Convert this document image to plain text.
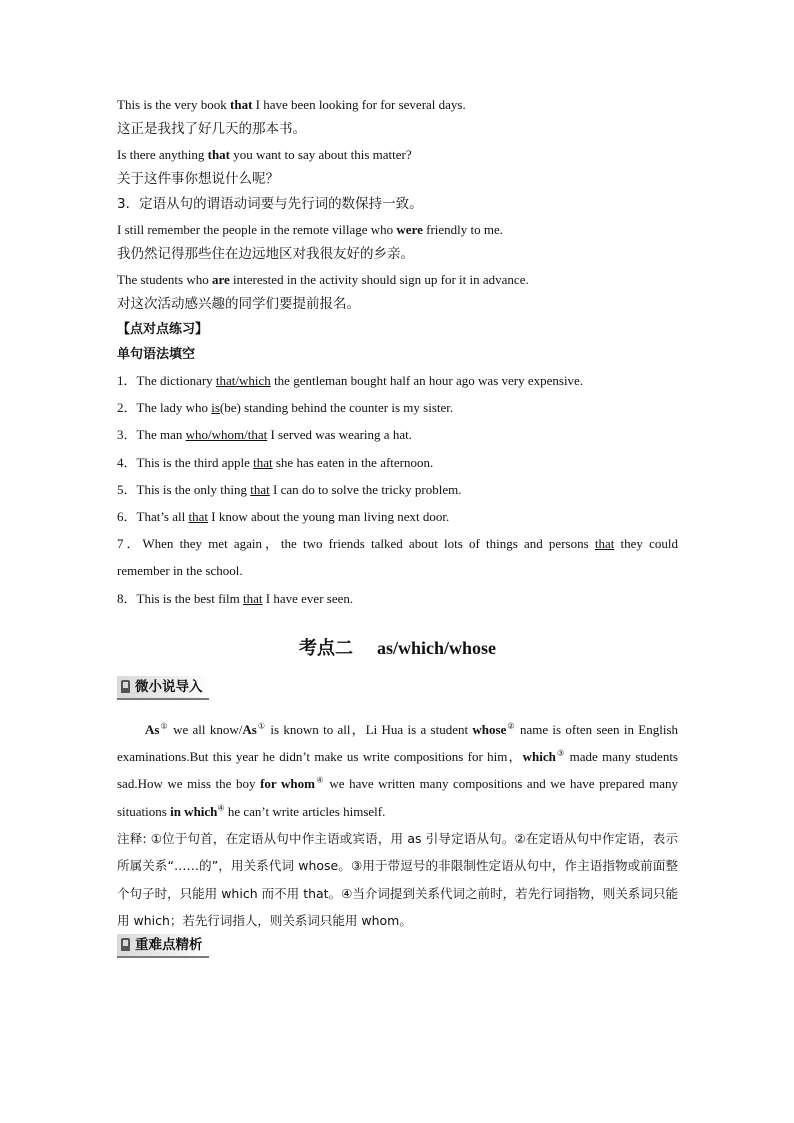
This is the very book that I have been looking for for several days.

这正是我找了好几天的那本书。

Is there anything that you want to say about this matter?

关于这件事你想说什么呢？

3．定语从句的谓语动词要与先行词的数保持一致。

I still remember the people in the remote village who were friendly to me.

我仍然记得那些住在边远地区对我很友好的乡亲。

The students who are interested in the activity should sign up for it in advance.

对这次活动感兴趣的同学们要提前报名。

【点对点练习】

单句语法填空

1．The dictionary that/which the gentleman bought half an hour ago was very expensive.

2．The lady who is(be) standing behind the counter is my sister.

3．The man who/whom/that I served was wearing a hat.

4．This is the third apple that she has eaten in the afternoon.

5．This is the only thing that I can do to solve the tricky problem.

6．That’s all that I know about the young man living next door.

7．When they met again，the two friends talked about lots of things and persons that they could remember in the school.

8．This is the best film that I have ever seen.

考点二 as/which/whose
微小说导入

As① we all know/As① is known to all，Li Hua is a student whose② name is often seen in English examinations.But this year he didn’t make us write compositions for him，which③ made many students sad.How we miss the boy for whom④ we have written many compositions and we have prepared many situations in which④ he can’t write articles himself.

注释: ①位于句首，在定语从句中作主语或宾语，用 as 引导定语从句。②在定语从句中作定语，表示所属关系“……的”，用关系代词 whose。③用于带逗号的非限制性定语从句中，作主语指物或前面整个句子时，只能用 which 而不用 that。④当介词提到关系代词之前时，若先行词指物，则关系词只能用 which；若先行词指人，则关系词只能用 whom。

重难点精析
